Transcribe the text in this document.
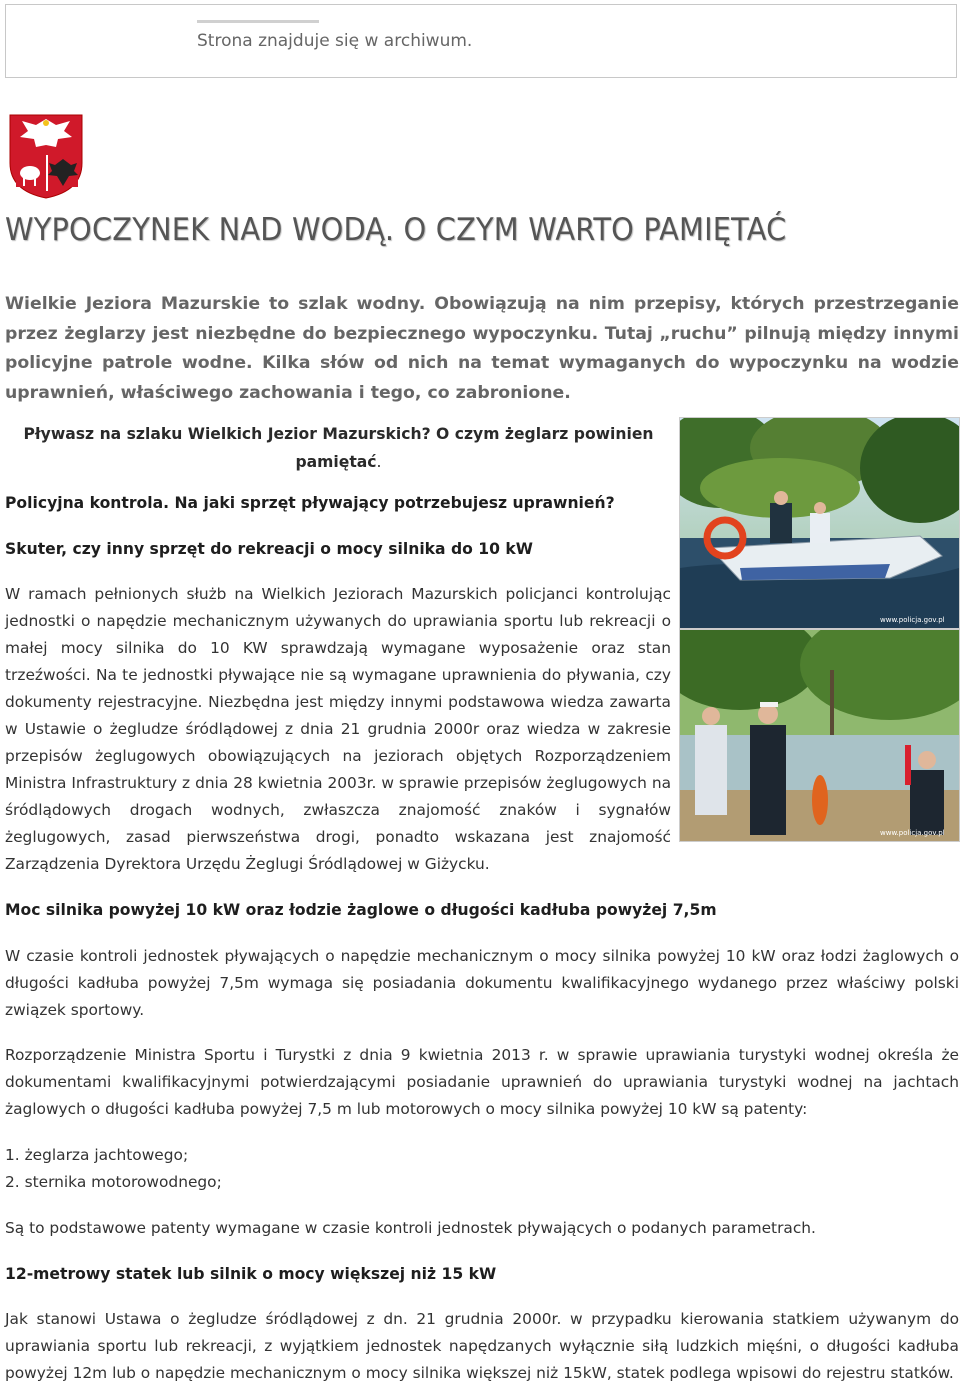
Strona znajduje się w archiwum.
WYPOCZYNEK NAD WODĄ. O CZYM WARTO PAMIĘTAĆ

Wielkie Jeziora Mazurskie to szlak wodny. Obowiązują na nim przepisy, których przestrzeganie przez żeglarzy jest niezbędne do bezpiecznego wypoczynku. Tutaj „ruchu” pilnują między innymi policyjne patrole wodne. Kilka słów od nich na temat wymaganych do wypoczynku na wodzie uprawnień, właściwego zachowania i tego, co zabronione.

Pływasz na szlaku Wielkich Jezior Mazurskich? O czym żeglarz powinien
pamiętać.
www.policja.gov.pl
www.policja.gov.pl
Policyjna kontrola. Na jaki sprzęt pływający potrzebujesz uprawnień?
Skuter, czy inny sprzęt do rekreacji o mocy silnika do 10 kW

W ramach pełnionych służb na Wielkich Jeziorach Mazurskich policjanci kontrolując jednostki o napędzie mechanicznym używanych do uprawiania sportu lub rekreacji o małej mocy silnika do 10 KW sprawdzają wymagane wyposażenie oraz stan trzeźwości. Na te jednostki pływające nie są wymagane uprawnienia do pływania, czy dokumenty rejestracyjne. Niezbędna jest między innymi podstawowa wiedza zawarta w Ustawie o żegludze śródlądowej z dnia 21 grudnia 2000r oraz wiedza w zakresie przepisów żeglugowych obowiązujących na jeziorach objętych Rozporządzeniem Ministra Infrastruktury z dnia 28 kwietnia 2003r. w sprawie przepisów żeglugowych na śródlądowych drogach wodnych, zwłaszcza znajomość znaków i sygnałów żeglugowych, zasad pierwszeństwa drogi, ponadto wskazana jest znajomość Zarządzenia Dyrektora Urzędu Żeglugi Śródlądowej w Giżycku.

Moc silnika powyżej 10 kW oraz łodzie żaglowe o długości kadłuba powyżej 7,5m

W czasie kontroli jednostek pływających o napędzie mechanicznym o mocy silnika powyżej 10 kW oraz łodzi żaglowych o długości kadłuba powyżej 7,5m wymaga się posiadania dokumentu kwalifikacyjnego wydanego przez właściwy polski związek sportowy.

Rozporządzenie Ministra Sportu i Turystki z dnia 9 kwietnia 2013 r. w sprawie uprawiania turystyki wodnej określa że dokumentami kwalifikacyjnymi potwierdzającymi posiadanie uprawnień do uprawiania turystyki wodnej na jachtach żaglowych o długości kadłuba powyżej 7,5 m lub motorowych o mocy silnika powyżej 10 kW są patenty:

1. żeglarza jachtowego;
2. sternika motorowodnego;

Są to podstawowe patenty wymagane w czasie kontroli jednostek pływających o podanych parametrach.

12-metrowy statek lub silnik o mocy większej niż 15 kW

Jak stanowi Ustawa o żegludze śródlądowej z dn. 21 grudnia 2000r. w przypadku kierowania statkiem używanym do uprawiania sportu lub rekreacji, z wyjątkiem jednostek napędzanych wyłącznie siłą ludzkich mięśni, o długości kadłuba powyżej 12m lub o napędzie mechanicznym o mocy silnika większej niż 15kW, statek podlega wpisowi do rejestru statków.
